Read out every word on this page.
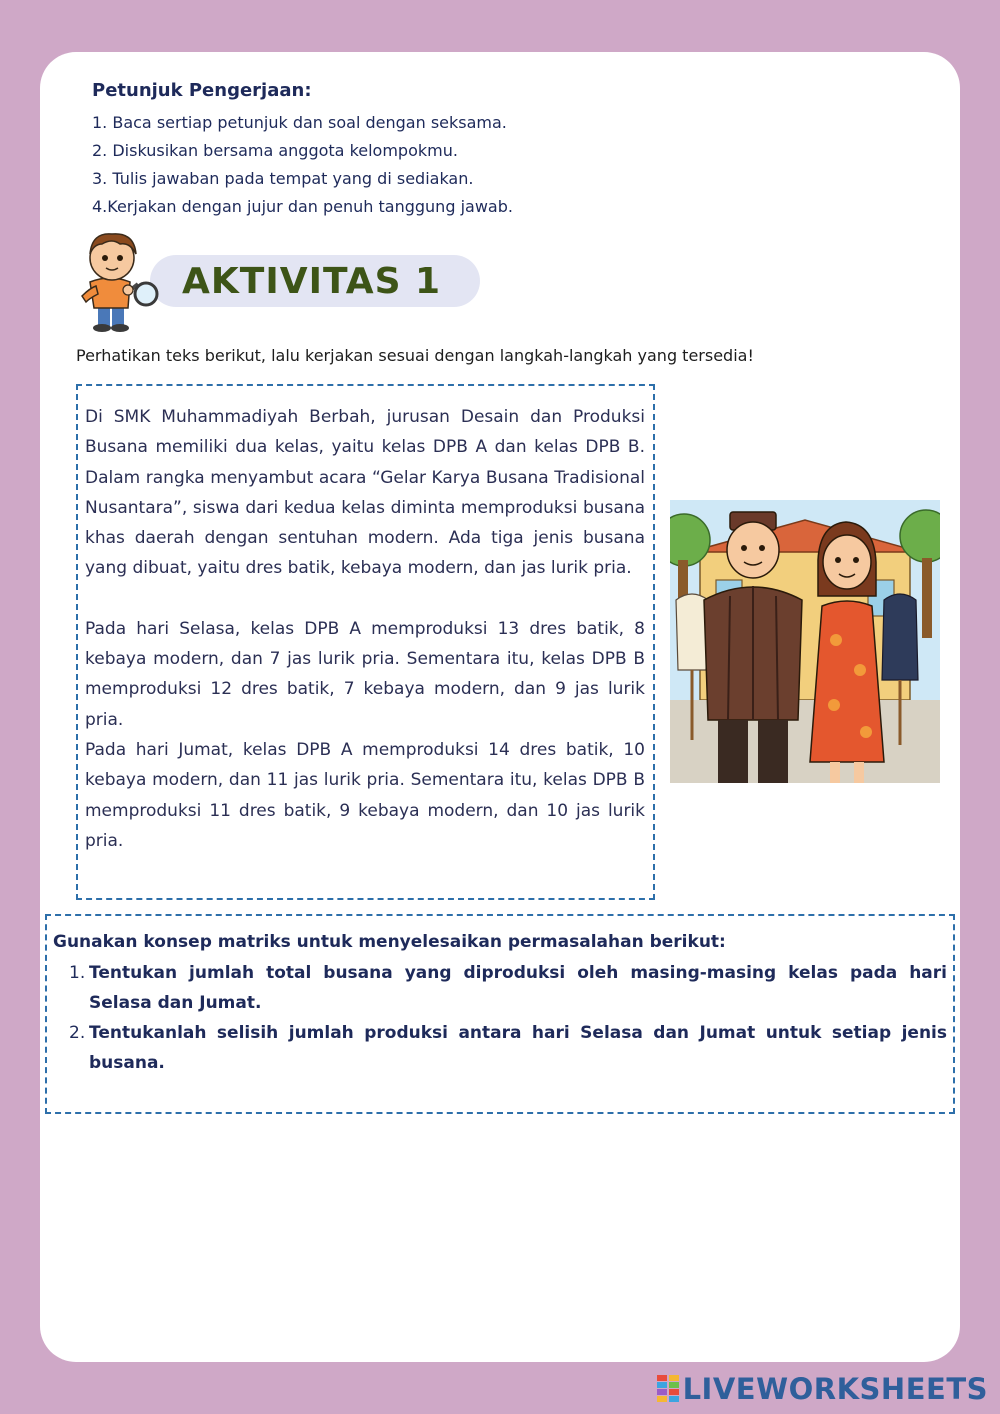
Petunjuk Pengerjaan:
1. Baca sertiap petunjuk dan soal dengan seksama.
2. Diskusikan bersama anggota kelompokmu.
3. Tulis jawaban pada tempat yang di sediakan.
4.Kerjakan dengan jujur dan penuh tanggung jawab.
AKTIVITAS 1
Perhatikan teks berikut, lalu kerjakan sesuai dengan langkah-langkah yang tersedia!

Di SMK Muhammadiyah Berbah, jurusan Desain dan Produksi Busana memiliki dua kelas, yaitu kelas DPB A dan kelas DPB B. Dalam rangka menyambut acara “Gelar Karya Busana Tradisional Nusantara”, siswa dari kedua kelas diminta memproduksi busana khas daerah dengan sentuhan modern. Ada tiga jenis busana yang dibuat, yaitu dres batik, kebaya modern, dan jas lurik pria.

Pada hari Selasa, kelas DPB A memproduksi 13 dres batik, 8 kebaya modern, dan 7 jas lurik pria. Sementara itu, kelas DPB B memproduksi 12 dres batik, 7 kebaya modern, dan 9 jas lurik pria.

Pada hari Jumat, kelas DPB A memproduksi 14 dres batik, 10 kebaya modern, dan 11 jas lurik pria. Sementara itu, kelas DPB B memproduksi 11 dres batik, 9 kebaya modern, dan 10 jas lurik pria.

Gunakan konsep matriks untuk menyelesaikan permasalahan berikut:
1. Tentukan jumlah total busana yang diproduksi oleh masing-masing kelas pada hari Selasa dan Jumat.
2. Tentukanlah selisih jumlah produksi antara hari Selasa dan Jumat untuk setiap jenis busana.
LIVEWORKSHEETS
